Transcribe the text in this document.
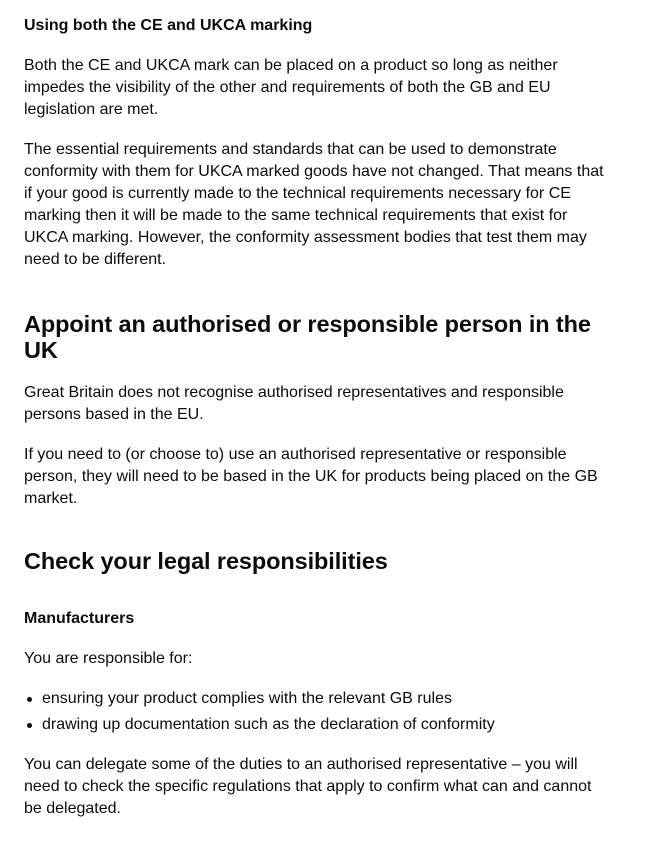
Using both the CE and UKCA marking

Both the CE and UKCA mark can be placed on a product so long as neither impedes the visibility of the other and requirements of both the GB and EU legislation are met.

The essential requirements and standards that can be used to demonstrate conformity with them for UKCA marked goods have not changed. That means that if your good is currently made to the technical requirements necessary for CE marking then it will be made to the same technical requirements that exist for UKCA marking. However, the conformity assessment bodies that test them may need to be different.

Appoint an authorised or responsible person in the UK

Great Britain does not recognise authorised representatives and responsible persons based in the EU.

If you need to (or choose to) use an authorised representative or responsible person, they will need to be based in the UK for products being placed on the GB market.

Check your legal responsibilities
Manufacturers

You are responsible for:

ensuring your product complies with the relevant GB rules
drawing up documentation such as the declaration of conformity

You can delegate some of the duties to an authorised representative – you will need to check the specific regulations that apply to confirm what can and cannot be delegated.
